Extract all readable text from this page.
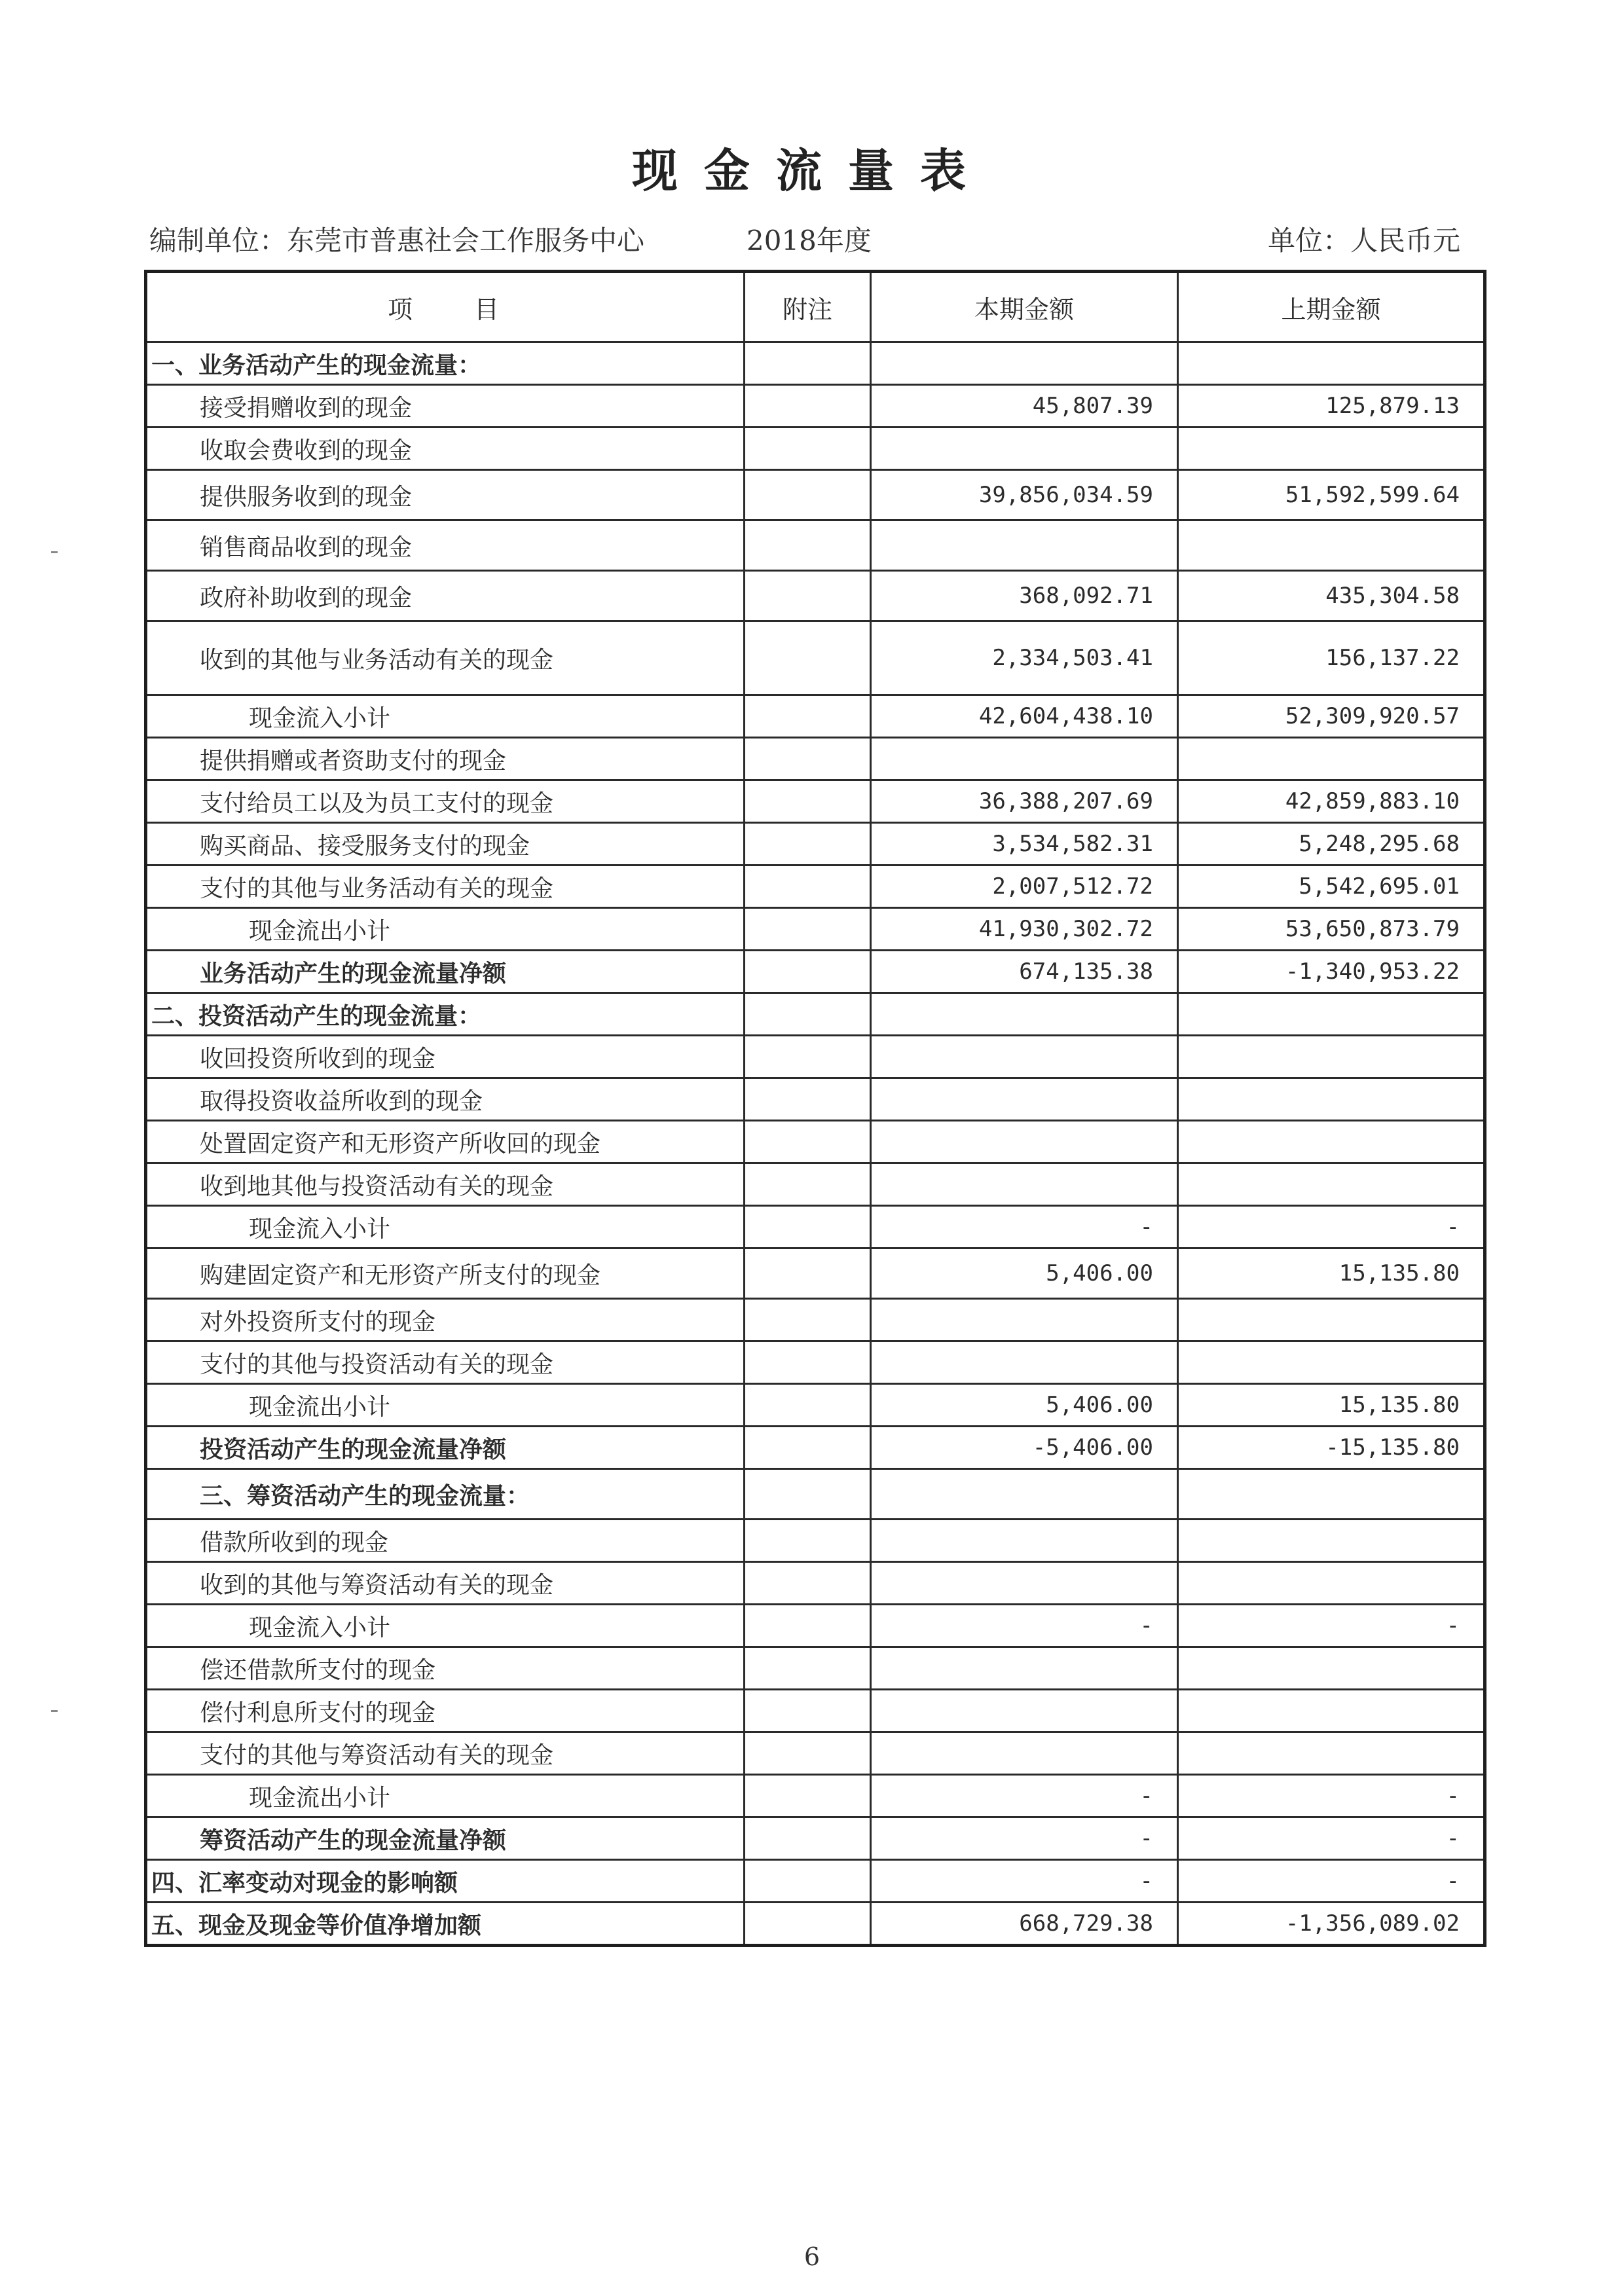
现金流量表
编制单位：东莞市普惠社会工作服务中心	2018年度	单位：人民币元
项　　目	附注	本期金额	上期金额
一、业务活动产生的现金流量：			
接受捐赠收到的现金		45,807.39	125,879.13
收取会费收到的现金			
提供服务收到的现金		39,856,034.59	51,592,599.64
销售商品收到的现金			
政府补助收到的现金		368,092.71	435,304.58
收到的其他与业务活动有关的现金		2,334,503.41	156,137.22
现金流入小计		42,604,438.10	52,309,920.57
提供捐赠或者资助支付的现金			
支付给员工以及为员工支付的现金		36,388,207.69	42,859,883.10
购买商品、接受服务支付的现金		3,534,582.31	5,248,295.68
支付的其他与业务活动有关的现金		2,007,512.72	5,542,695.01
现金流出小计		41,930,302.72	53,650,873.79
业务活动产生的现金流量净额		674,135.38	-1,340,953.22
二、投资活动产生的现金流量：			
收回投资所收到的现金			
取得投资收益所收到的现金			
处置固定资产和无形资产所收回的现金			
收到地其他与投资活动有关的现金			
现金流入小计		-	-
购建固定资产和无形资产所支付的现金		5,406.00	15,135.80
对外投资所支付的现金			
支付的其他与投资活动有关的现金			
现金流出小计		5,406.00	15,135.80
投资活动产生的现金流量净额		-5,406.00	-15,135.80
三、筹资活动产生的现金流量：			
借款所收到的现金			
收到的其他与筹资活动有关的现金			
现金流入小计		-	-
偿还借款所支付的现金			
偿付利息所支付的现金			
支付的其他与筹资活动有关的现金			
现金流出小计		-	-
筹资活动产生的现金流量净额		-	-
四、汇率变动对现金的影响额		-	-
五、现金及现金等价值净增加额		668,729.38	-1,356,089.02
6
